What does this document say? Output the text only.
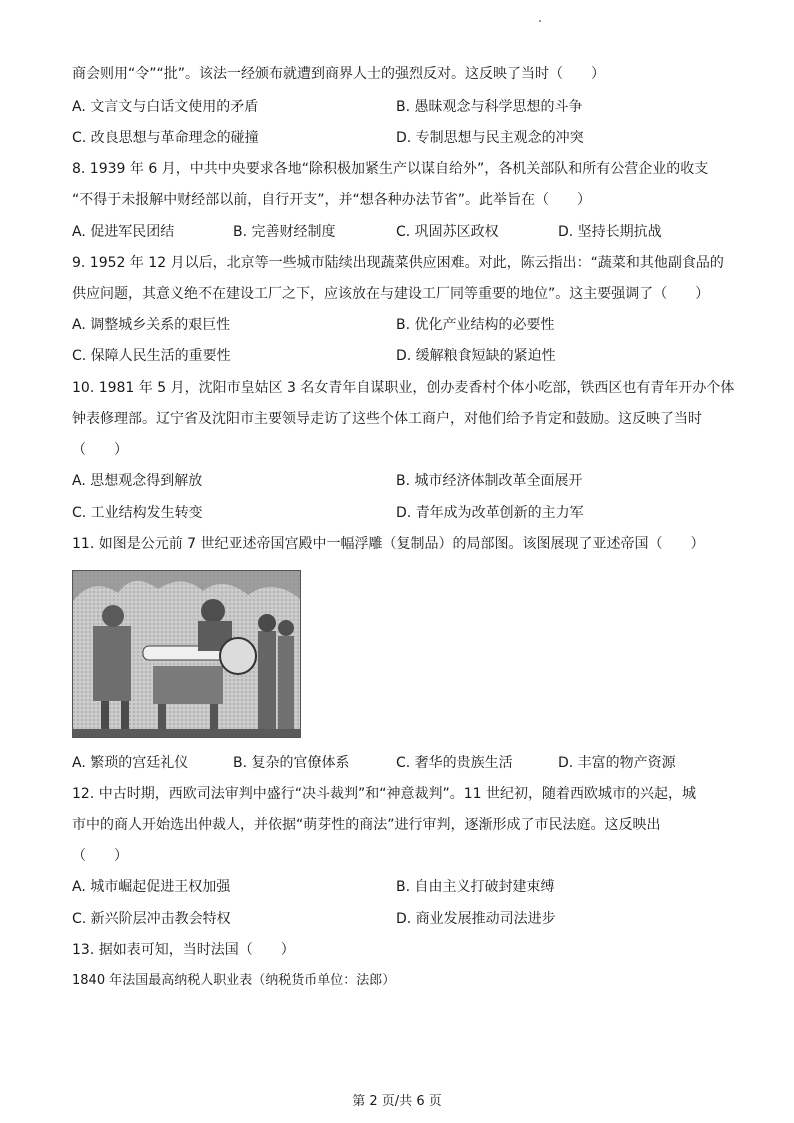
商会则用“令”“批”。该法一经颁布就遭到商界人士的强烈反对。这反映了当时（　　）
A. 文言文与白话文使用的矛盾	B. 愚昧观念与科学思想的斗争
C. 改良思想与革命理念的碰撞	D. 专制思想与民主观念的冲突
8. 1939 年 6 月，中共中央要求各地“除积极加紧生产以谋自给外”，各机关部队和所有公营企业的收支
“不得于未报解中财经部以前，自行开支”，并“想各种办法节省”。此举旨在（　　）
A. 促进军民团结	B. 完善财经制度	C. 巩固苏区政权	D. 坚持长期抗战
9. 1952 年 12 月以后，北京等一些城市陆续出现蔬菜供应困难。对此，陈云指出：“蔬菜和其他副食品的
供应问题，其意义绝不在建设工厂之下，应该放在与建设工厂同等重要的地位”。这主要强调了（　　）
A. 调整城乡关系的艰巨性	B. 优化产业结构的必要性
C. 保障人民生活的重要性	D. 缓解粮食短缺的紧迫性
10. 1981 年 5 月，沈阳市皇姑区 3 名女青年自谋职业，创办麦香村个体小吃部，铁西区也有青年开办个体
钟表修理部。辽宁省及沈阳市主要领导走访了这些个体工商户，对他们给予肯定和鼓励。这反映了当时
（　　）
A. 思想观念得到解放	B. 城市经济体制改革全面展开
C. 工业结构发生转变	D. 青年成为改革创新的主力军
11. 如图是公元前 7 世纪亚述帝国宫殿中一幅浮雕（复制品）的局部图。该图展现了亚述帝国（　　）
A. 繁琐的宫廷礼仪	B. 复杂的官僚体系	C. 奢华的贵族生活	D. 丰富的物产资源
12. 中古时期，西欧司法审判中盛行“决斗裁判”和“神意裁判”。11 世纪初，随着西欧城市的兴起，城
市中的商人开始选出仲裁人，并依据“萌芽性的商法”进行审判，逐渐形成了市民法庭。这反映出
（　　）
A. 城市崛起促进王权加强	B. 自由主义打破封建束缚
C. 新兴阶层冲击教会特权	D. 商业发展推动司法进步
13. 据如表可知，当时法国（　　）
1840 年法国最高纳税人职业表（纳税货币单位：法郎）
第 2 页/共 6 页
